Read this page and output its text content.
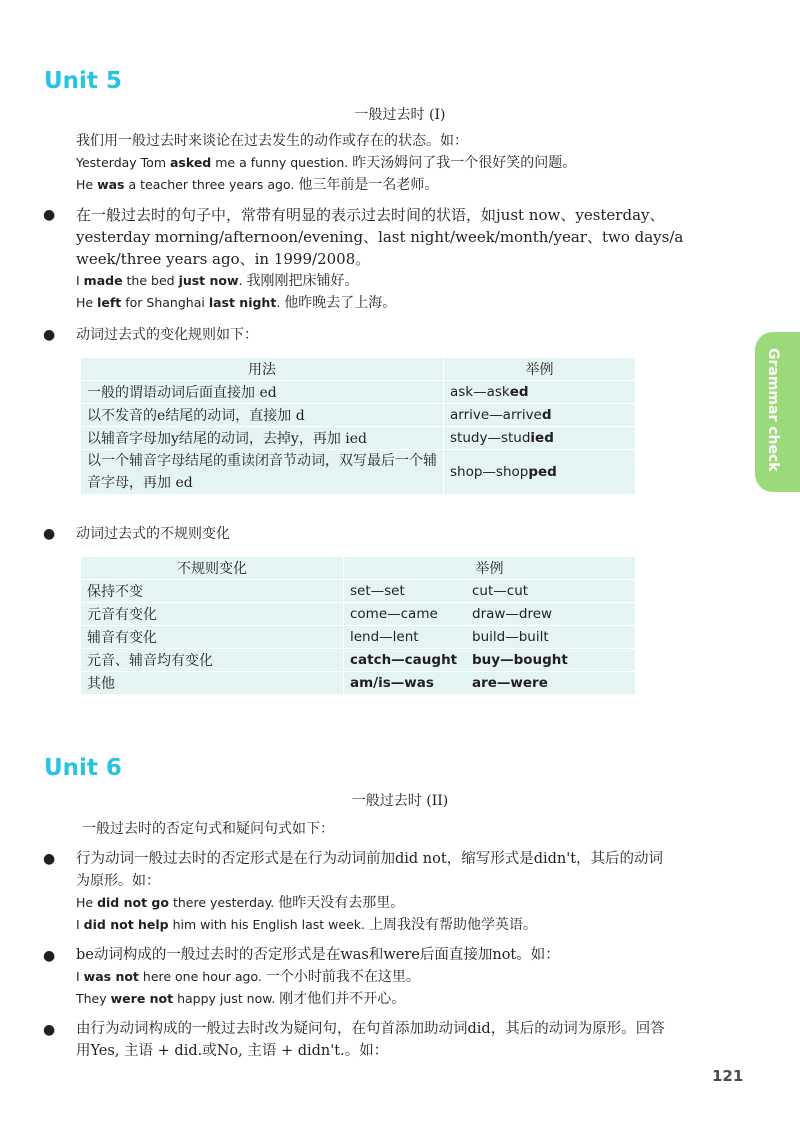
Unit 5
一般过去时 (I)
我们用一般过去时来谈论在过去发生的动作或存在的状态。如：
Yesterday Tom asked me a funny question. 昨天汤姆问了我一个很好笑的问题。
He was a teacher three years ago. 他三年前是一名老师。
● 在一般过去时的句子中，常带有明显的表示过去时间的状语，如just now、yesterday、
yesterday morning/afternoon/evening、last night/week/month/year、two days/a
week/three years ago、in 1999/2008。
I made the bed just now. 我刚刚把床铺好。
He left for Shanghai last night. 他昨晚去了上海。
● 动词过去式的变化规则如下：
用法	举例
一般的谓语动词后面直接加 ed	ask—asked
以不发音的e结尾的动词，直接加 d	arrive—arrived
以辅音字母加y结尾的动词，去掉y，再加 ied	study—studied
以一个辅音字母结尾的重读闭音节动词，双写最后一个辅音字母，再加 ed	shop—shopped
● 动词过去式的不规则变化
不规则变化	举例	
保持不变	set—set	cut—cut
元音有变化	come—came	draw—drew
辅音有变化	lend—lent	build—built
元音、辅音均有变化	catch—caught	buy—bought
其他	am/is—was	are—were
Unit 6
一般过去时 (II)
一般过去时的否定句式和疑问句式如下：
● 行为动词一般过去时的否定形式是在行为动词前加did not，缩写形式是didn't，其后的动词
为原形。如：
He did not go there yesterday. 他昨天没有去那里。
I did not help him with his English last week. 上周我没有帮助他学英语。
● be动词构成的一般过去时的否定形式是在was和were后面直接加not。如：
I was not here one hour ago. 一个小时前我不在这里。
They were not happy just now. 刚才他们并不开心。
● 由行为动词构成的一般过去时改为疑问句，在句首添加助动词did，其后的动词为原形。回答
用Yes, 主语 + did.或No, 主语 + didn't.。如：
Grammar check
121
